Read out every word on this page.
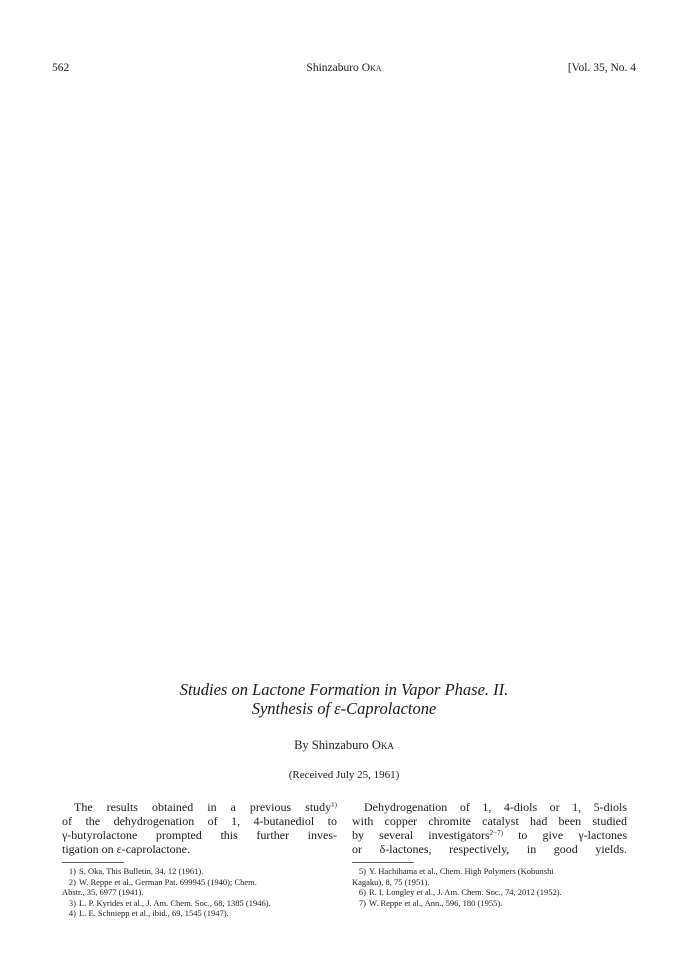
562	Shinzaburo Oka	[Vol. 35, No. 4
Studies on Lactone Formation in Vapor Phase. II.
Synthesis of ε-Caprolactone
By Shinzaburo Oka
(Received July 25, 1961)
The results obtained in a previous study$^{1)}$
of the dehydrogenation of 1, 4-butanediol to
γ-butyrolactone prompted this further inves-
tigation on ε-caprolactone.
Dehydrogenation of 1, 4-diols or 1, 5-diols
with copper chromite catalyst had been studied
by several investigators$^{2-7)}$ to give γ-lactones
or δ-lactones, respectively, in good yields.
1) S. Oka, This Bulletin, 34, 12 (1961).
2) W. Reppe et al., German Pat. 699945 (1940); Chem.
Abstr., 35, 6977 (1941).
3) L. P. Kyrides et al., J. Am. Chem. Soc., 68, 1385 (1946).
4) L. E. Schniepp et al., ibid., 69, 1545 (1947).
5) Y. Hachihama et al., Chem. High Polymers (Kobunshi
Kagaku), 8, 75 (1951).
6) R. I. Longley et al., J. Am. Chem. Soc., 74, 2012 (1952).
7) W. Reppe et al., Ann., 596, 180 (1955).
